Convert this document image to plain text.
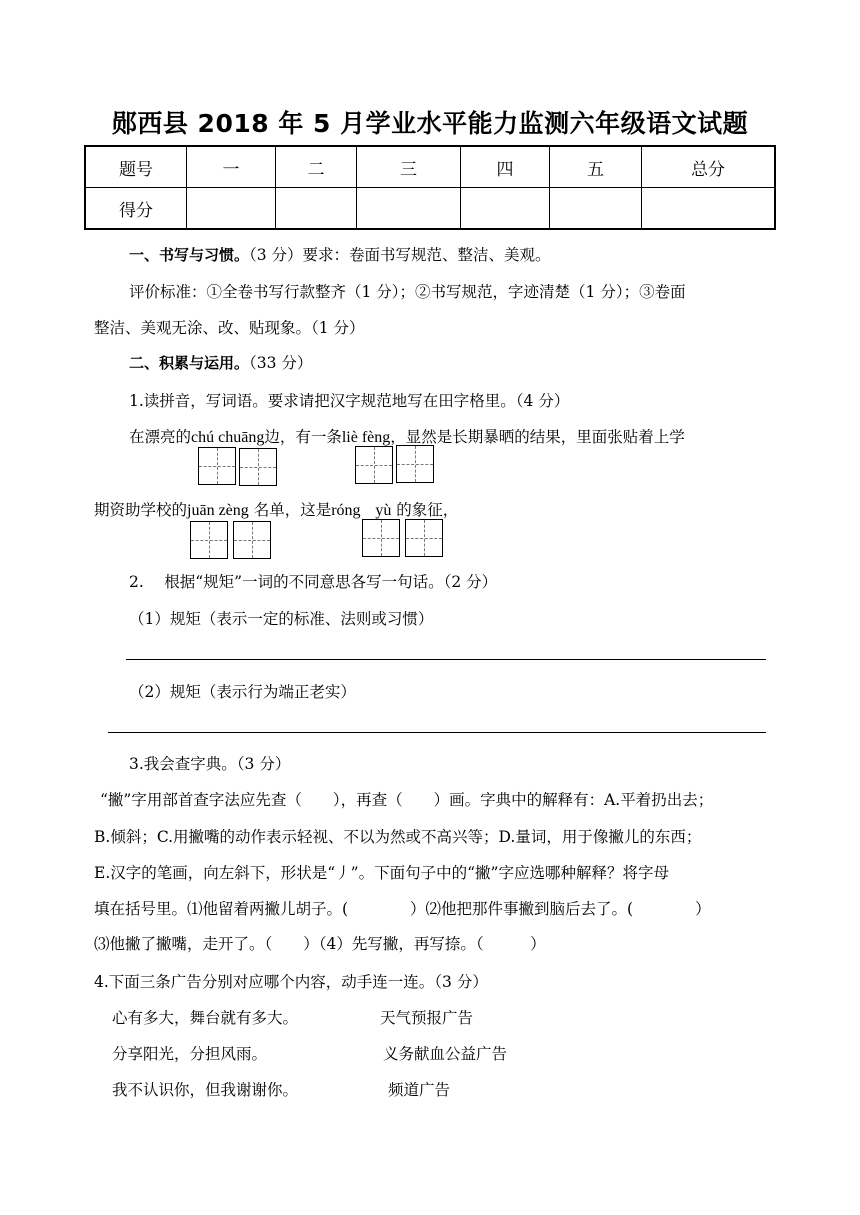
郧西县 2018 年 5 月学业水平能力监测六年级语文试题
题号	一	二	三	四	五	总分
得分						
一、书写与习惯。（3 分）要求：卷面书写规范、整洁、美观。
评价标准：①全卷书写行款整齐（1 分）；②书写规范，字迹清楚（1 分）；③卷面
整洁、美观无涂、改、贴现象。（1 分）
二、积累与运用。（33 分）
1.读拼音，写词语。要求请把汉字规范地写在田字格里。（4 分）
在漂亮的chú chuāng边，有一条liè fèng，显然是长期暴晒的结果，里面张贴着上学
期资助学校的juān zèng 名单，这是róng yù 的象征，
2.　 根据“规矩”一词的不同意思各写一句话。（2 分）
（1）规矩（表示一定的标准、法则或习惯）
（2）规矩（表示行为端正老实）
3.我会查字典。（3 分）
“撇”字用部首查字法应先查（　　），再查（　　）画。字典中的解释有：A.平着扔出去；
B.倾斜；C.用撇嘴的动作表示轻视、不以为然或不高兴等；D.量词，用于像撇儿的东西；
E.汉字的笔画，向左斜下，形状是“丿”。下面句子中的“撇”字应选哪种解释？将字母
填在括号里。⑴他留着两撇儿胡子。(　　　　）⑵他把那件事撇到脑后去了。(　　　　）
⑶他撇了撇嘴，走开了。（　　）（4）先写撇，再写捺。（　　　）
4.下面三条广告分别对应哪个内容，动手连一连。（3 分）
心有多大，舞台就有多大。	天气预报广告
分享阳光，分担风雨。	义务献血公益广告
我不认识你，但我谢谢你。	频道广告
